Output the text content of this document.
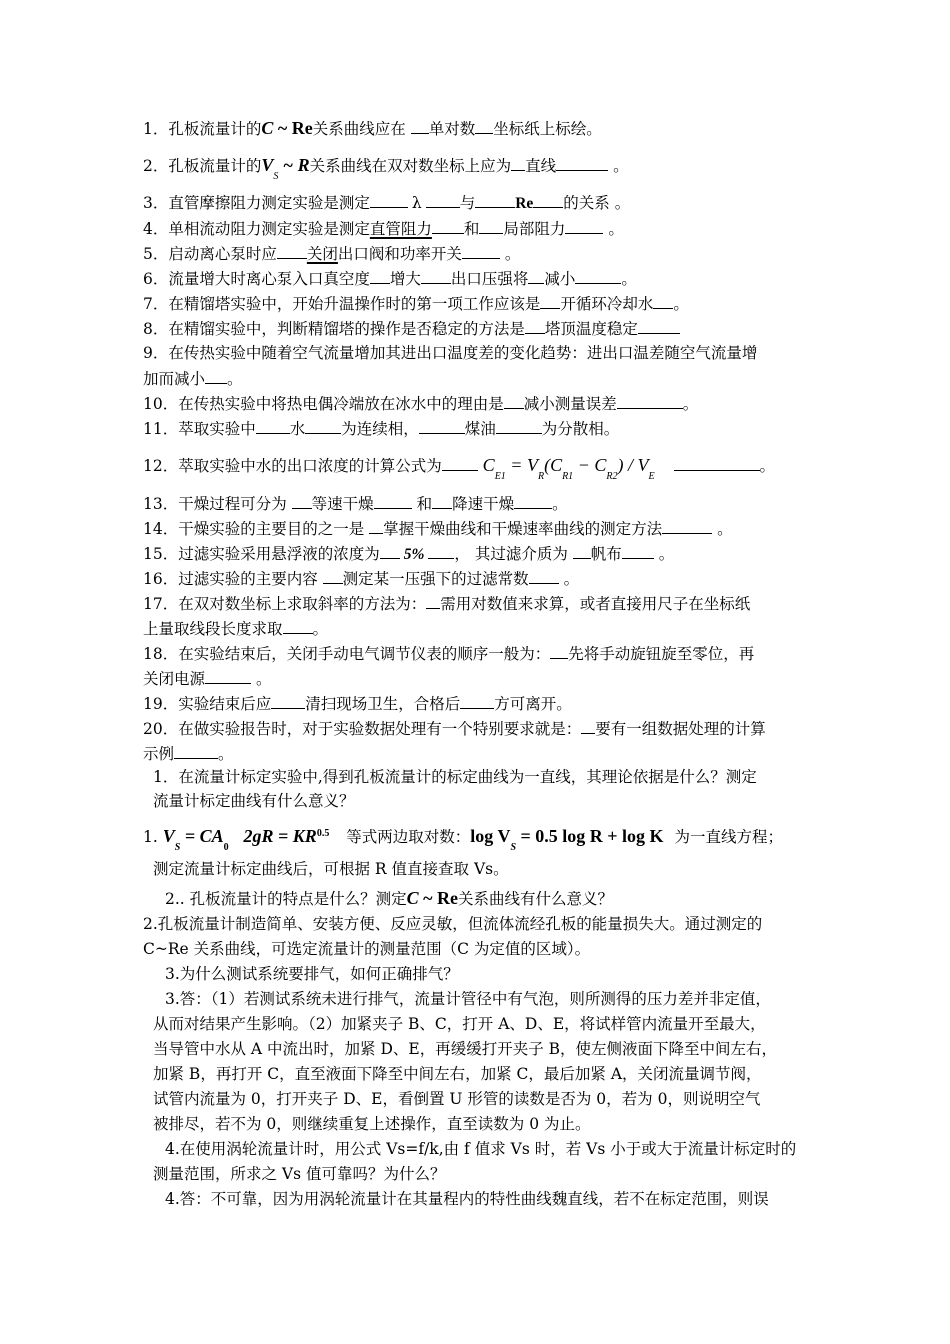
1．孔板流量计的C ~ Re关系曲线应在 单对数 坐标纸上标绘。
2．孔板流量计的$V_S$ ~ R关系曲线在双对数坐标上应为 直线	。
3．直管摩擦阻力测定实验是测定	λ 与	Re 的关系 。
4．单相流动阻力测定实验是测定直管阻力 和 局部阻力 。
5．启动离心泵时应 关闭出口阀和功率开关 。
6．流量增大时离心泵入口真空度 增大 出口压强将 减小	。
7．在精馏塔实验中，开始升温操作时的第一项工作应该是 开循环冷却水 。
8．在精馏实验中，判断精馏塔的操作是否稳定的方法是 塔顶温度稳定
9．在传热实验中随着空气流量增加其进出口温度差的变化趋势：进出口温差随空气流量增
加而减小 。
10．在传热实验中将热电偶冷端放在冰水中的理由是 减小测量误差	。
11．萃取实验中 水 为连续相，	煤油	为分散相。
12．萃取实验中水的出口浓度的计算公式为 $C_{E1} = V_R(C_{R1} - C_{R2}) / V_E$ 。
13．干燥过程可分为 等速干燥 和 降速干燥 。
14．干燥实验的主要目的之一是 掌握干燥曲线和干燥速率曲线的测定方法	。
15．过滤实验采用悬浮液的浓度为 5% ， 其过滤介质为 帆布 。
16．过滤实验的主要内容 测定某一压强下的过滤常数 。
17．在双对数坐标上求取斜率的方法为： 需用对数值来求算，或者直接用尺子在坐标纸
上量取线段长度求取 。
18．在实验结束后，关闭手动电气调节仪表的顺序一般为： 先将手动旋钮旋至零位，再
关闭电源	。
19．实验结束后应 清扫现场卫生，合格后 方可离开。
20．在做实验报告时，对于实验数据处理有一个特别要求就是： 要有一组数据处理的计算
示例	。
1．在流量计标定实验中,得到孔板流量计的标定曲线为一直线，其理论依据是什么？测定
流量计标定曲线有什么意义？
1. $V_S = CA_0$ $2gR = KR^{0.5}$ 等式两边取对数：$\log V_S = 0.5$ log R + log K 为一直线方程；
测定流量计标定曲线后，可根据 R 值直接查取 Vs。
2.. 孔板流量计的特点是什么？测定C ~ Re关系曲线有什么意义？
2.孔板流量计制造简单、安装方便、反应灵敏，但流体流经孔板的能量损失大。通过测定的
C~Re 关系曲线，可选定流量计的测量范围（C 为定值的区域）。
3.为什么测试系统要排气，如何正确排气？
3.答：（1）若测试系统未进行排气，流量计管径中有气泡，则所测得的压力差并非定值，
从而对结果产生影响。（2）加紧夹子 B、C，打开 A、D、E，将试样管内流量开至最大，
当导管中水从 A 中流出时，加紧 D、E，再缓缓打开夹子 B，使左侧液面下降至中间左右，
加紧 B，再打开 C，直至液面下降至中间左右，加紧 C，最后加紧 A，关闭流量调节阀，
试管内流量为 0，打开夹子 D、E，看倒置 U 形管的读数是否为 0，若为 0，则说明空气
被排尽，若不为 0，则继续重复上述操作，直至读数为 0 为止。
4.在使用涡轮流量计时，用公式 Vs=f/k,由 f 值求 Vs 时，若 Vs 小于或大于流量计标定时的
测量范围，所求之 Vs 值可靠吗？为什么？
4.答：不可靠，因为用涡轮流量计在其量程内的特性曲线魏直线，若不在标定范围，则误
